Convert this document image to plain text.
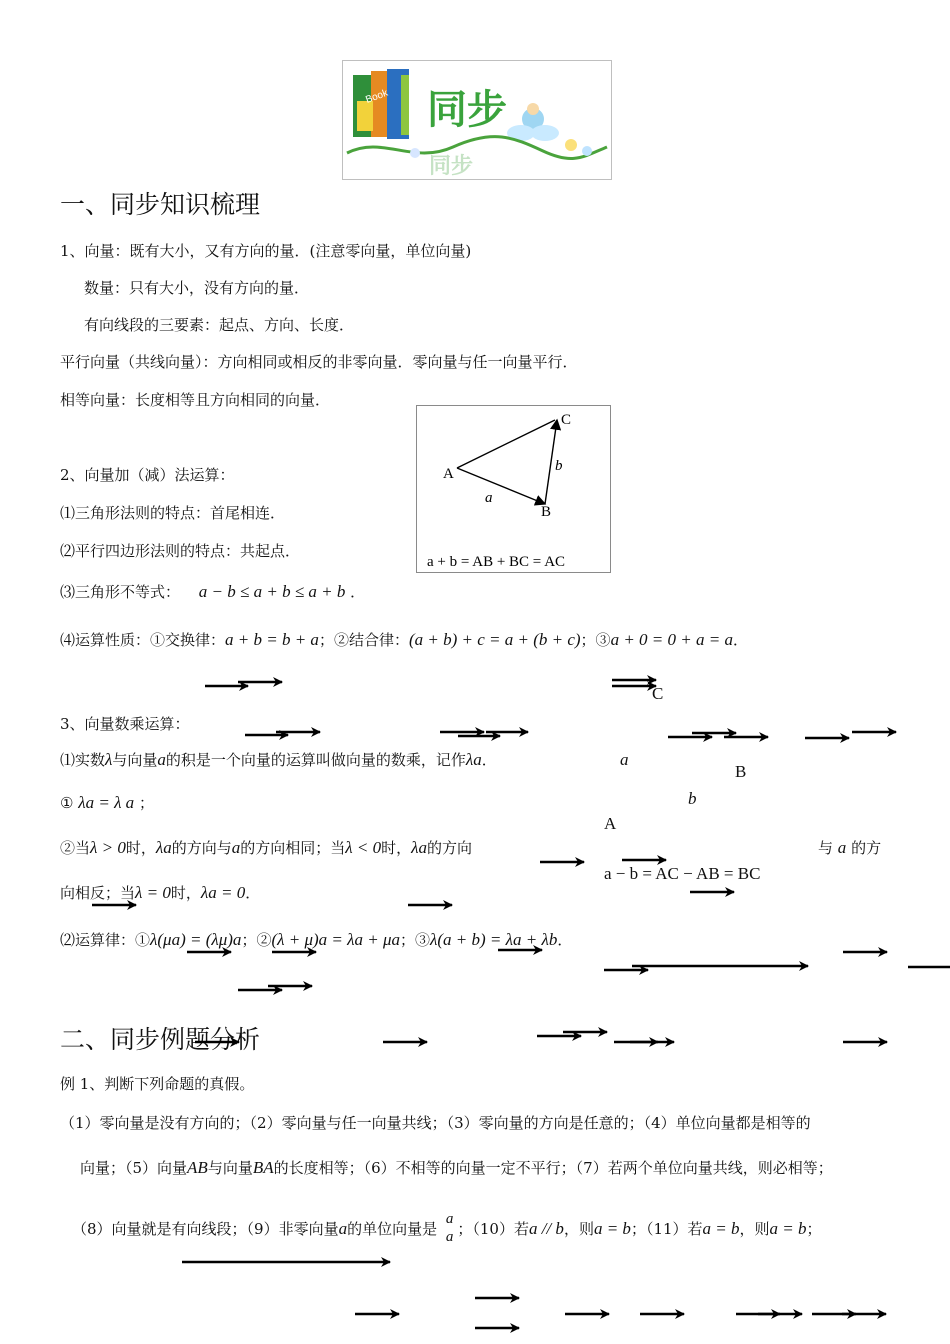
Book 同步
同步
一、同步知识梳理
1、向量：既有大小，又有方向的量．(注意零向量，单位向量)
数量：只有大小，没有方向的量．
有向线段的三要素：起点、方向、长度．
平行向量（共线向量）：方向相同或相反的非零向量．零向量与任一向量平行．
相等向量：长度相等且方向相同的向量．
A
B
C
a
b
a + b = AB + BC = AC
2、向量加（减）法运算：
⑴三角形法则的特点：首尾相连．
⑵平行四边形法则的特点：共起点．
⑶三角形不等式： a − b ≤ a + b ≤ a + b ．
⑷运算性质：①交换律：a + b = b + a；②结合律：(a + b) + c = a + (b + c)；③a + 0 = 0 + a = a．
3、向量数乘运算：
⑴实数λ与向量a的积是一个向量的运算叫做向量的数乘，记作λa．
① λa = λ a ；
②当λ > 0时，λa的方向与a的方向相同；当λ < 0时，λa的方向	与 a 的方
向相反；当λ = 0时，λa = 0．
⑵运算律：①λ(μa) = (λμ)a；②(λ + μ)a = λa + μa；③λ(a + b) = λa + λb．
C
a
B
b
A
a − b = AC − AB = BC
二、同步例题分析
例 1、判断下列命题的真假。
（1）零向量是没有方向的；（2）零向量与任一向量共线；（3）零向量的方向是任意的；（4）单位向量都是相等的
向量；（5）向量AB与向量BA的长度相等；（6）不相等的向量一定不平行；（7）若两个单位向量共线，则必相等；
（8）向量就是有向线段；（9）非零向量a的单位向量是
a
a ；（10）若a // b，则a = b；（11）若a = b，则a = b；
